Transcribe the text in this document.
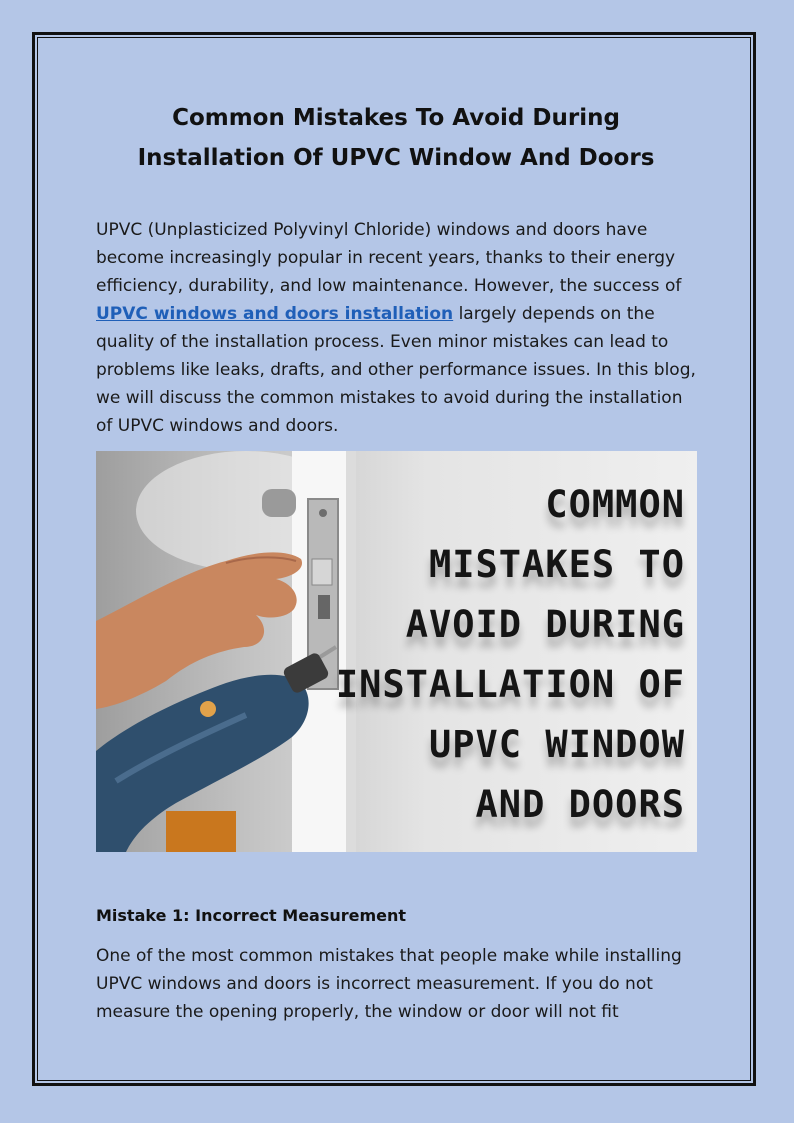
Common Mistakes To Avoid During Installation Of UPVC Window And Doors

UPVC (Unplasticized Polyvinyl Chloride) windows and doors have become increasingly popular in recent years, thanks to their energy efficiency, durability, and low maintenance. However, the success of UPVC windows and doors installation largely depends on the quality of the installation process. Even minor mistakes can lead to problems like leaks, drafts, and other performance issues. In this blog, we will discuss the common mistakes to avoid during the installation of UPVC windows and doors.

COMMON
MISTAKES TO
AVOID DURING
INSTALLATION OF
UPVC WINDOW
AND DOORS
Mistake 1: Incorrect Measurement

One of the most common mistakes that people make while installing UPVC windows and doors is incorrect measurement. If you do not measure the opening properly, the window or door will not fit
